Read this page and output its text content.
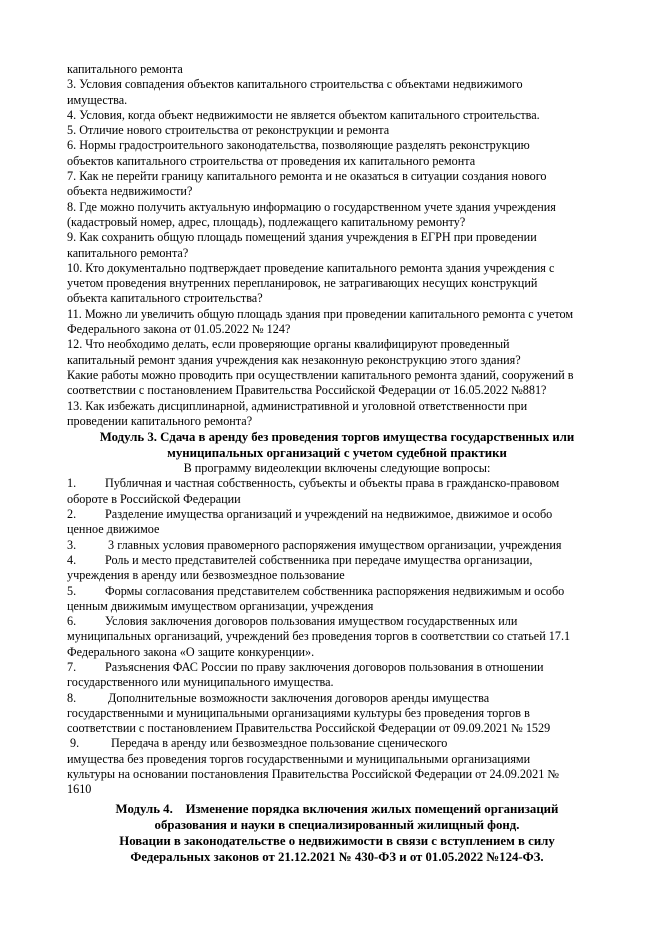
капитального ремонта
3. Условия совпадения объектов капитального строительства с объектами недвижимого
имущества.
4. Условия, когда объект недвижимости не является объектом капитального строительства.
5. Отличие нового строительства от реконструкции и ремонта
6. Нормы градостроительного законодательства, позволяющие разделять реконструкцию
объектов капитального строительства от проведения их капитального ремонта
7. Как не перейти границу капитального ремонта и не оказаться в ситуации создания нового
объекта недвижимости?
8. Где можно получить актуальную информацию о государственном учете здания учреждения
(кадастровый номер, адрес, площадь), подлежащего капитальному ремонту?
9. Как сохранить общую площадь помещений здания учреждения в ЕГРН при проведении
капитального ремонта?
10. Кто документально подтверждает проведение капитального ремонта здания учреждения с
учетом проведения внутренних перепланировок, не затрагивающих несущих конструкций
объекта капитального строительства?
11. Можно ли увеличить общую площадь здания при проведении капитального ремонта с учетом
Федерального закона от 01.05.2022 № 124?
12. Что необходимо делать, если проверяющие органы квалифицируют проведенный
капитальный ремонт здания учреждения как незаконную реконструкцию этого здания?
Какие работы можно проводить при осуществлении капитального ремонта зданий, сооружений в
соответствии с постановлением Правительства Российской Федерации от 16.05.2022 №881?
13. Как избежать дисциплинарной, административной и уголовной ответственности при
проведении капитального ремонта?
Модуль 3. Сдача в аренду без проведения торгов имущества государственных или
муниципальных организаций с учетом судебной практики
В программу видеолекции включены следующие вопросы:
1. Публичная и частная собственность, субъекты и объекты права в гражданско-правовом
обороте в Российской Федерации
2. Разделение имущества организаций и учреждений на недвижимое, движимое и особо
ценное движимое
3. 3 главных условия правомерного распоряжения имуществом организации, учреждения
4. Роль и место представителей собственника при передаче имущества организации,
учреждения в аренду или безвозмездное пользование
5. Формы согласования представителем собственника распоряжения недвижимым и особо
ценным движимым имуществом организации, учреждения
6. Условия заключения договоров пользования имуществом государственных или
муниципальных организаций, учреждений без проведения торгов в соответствии со статьей 17.1
Федерального закона «О защите конкуренции».
7. Разъяснения ФАС России по праву заключения договоров пользования в отношении
государственного или муниципального имущества.
8. Дополнительные возможности заключения договоров аренды имущества
государственными и муниципальными организациями культуры без проведения торгов в
соответствии с постановлением Правительства Российской Федерации от 09.09.2021 № 1529
9.	Передача в аренду или безвозмездное пользование сценического
имущества без проведения торгов государственными и муниципальными организациями
культуры на основании постановления Правительства Российской Федерации от 24.09.2021 №
1610
Модуль 4.    Изменение порядка включения жилых помещений организаций
образования и науки в специализированный жилищный фонд.
Новации в законодательстве о недвижимости в связи с вступлением в силу
Федеральных законов от 21.12.2021 № 430-ФЗ и от 01.05.2022 №124-ФЗ.
